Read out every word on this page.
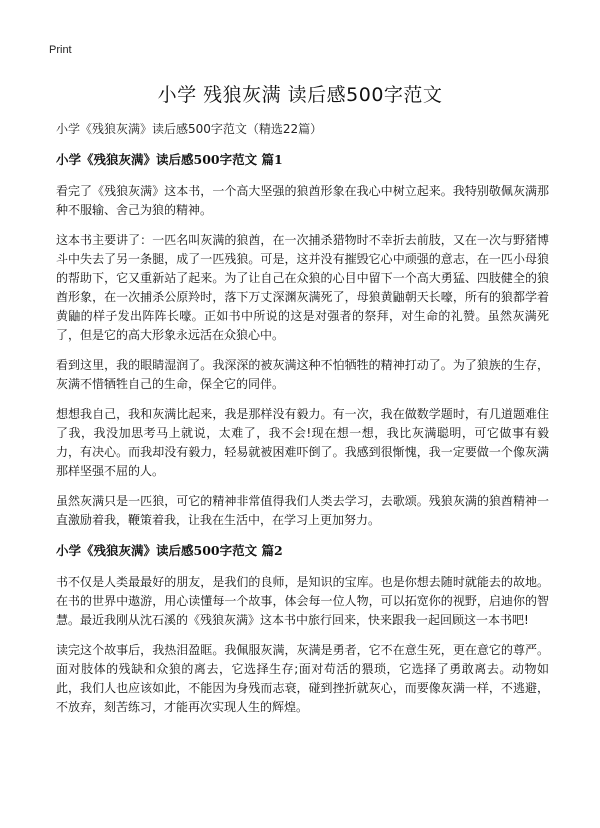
Print
小学 残狼灰满 读后感500字范文
小学《残狼灰满》读后感500字范文（精选22篇）
小学《残狼灰满》读后感500字范文 篇1

看完了《残狼灰满》这本书，一个高大坚强的狼酋形象在我心中树立起来。我特别敬佩灰满那种不服输、舍己为狼的精神。

这本书主要讲了：一匹名叫灰满的狼酋，在一次捕杀猎物时不幸折去前肢，又在一次与野猪博斗中失去了另一条腿，成了一匹残狼。可是，这并没有摧毁它心中顽强的意志，在一匹小母狼的帮助下，它又重新站了起来。为了让自己在众狼的心目中留下一个高大勇猛、四肢健全的狼酋形象，在一次捕杀公原羚时，落下万丈深渊灰满死了，母狼黄鼬朝天长嚎，所有的狼都学着黄鼬的样子发出阵阵长嚎。正如书中所说的这是对强者的祭拜，对生命的礼赞。虽然灰满死了，但是它的高大形象永远活在众狼心中。

看到这里，我的眼睛湿润了。我深深的被灰满这种不怕牺牲的精神打动了。为了狼族的生存，灰满不惜牺牲自己的生命，保全它的同伴。

想想我自己，我和灰满比起来，我是那样没有毅力。有一次，我在做数学题时，有几道题难住了我，我没加思考马上就说，太难了，我不会!现在想一想，我比灰满聪明，可它做事有毅力，有决心。而我却没有毅力，轻易就被困难吓倒了。我感到很惭愧，我一定要做一个像灰满那样坚强不屈的人。

虽然灰满只是一匹狼，可它的精神非常值得我们人类去学习，去歌颂。残狼灰满的狼酋精神一直激励着我，鞭策着我，让我在生活中，在学习上更加努力。

小学《残狼灰满》读后感500字范文 篇2

书不仅是人类最最好的朋友，是我们的良师，是知识的宝库。也是你想去随时就能去的故地。在书的世界中遨游，用心读懂每一个故事，体会每一位人物，可以拓宽你的视野，启迪你的智慧。最近我刚从沈石溪的《残狼灰满》这本书中旅行回来，快来跟我一起回顾这一本书吧!

读完这个故事后，我热泪盈眶。我佩服灰满，灰满是勇者，它不在意生死，更在意它的尊严。面对肢体的残缺和众狼的离去，它选择生存;面对苟活的猥琐，它选择了勇敢离去。动物如此，我们人也应该如此，不能因为身残而志衰，碰到挫折就灰心，而要像灰满一样，不逃避，不放弃，刻苦练习，才能再次实现人生的辉煌。
